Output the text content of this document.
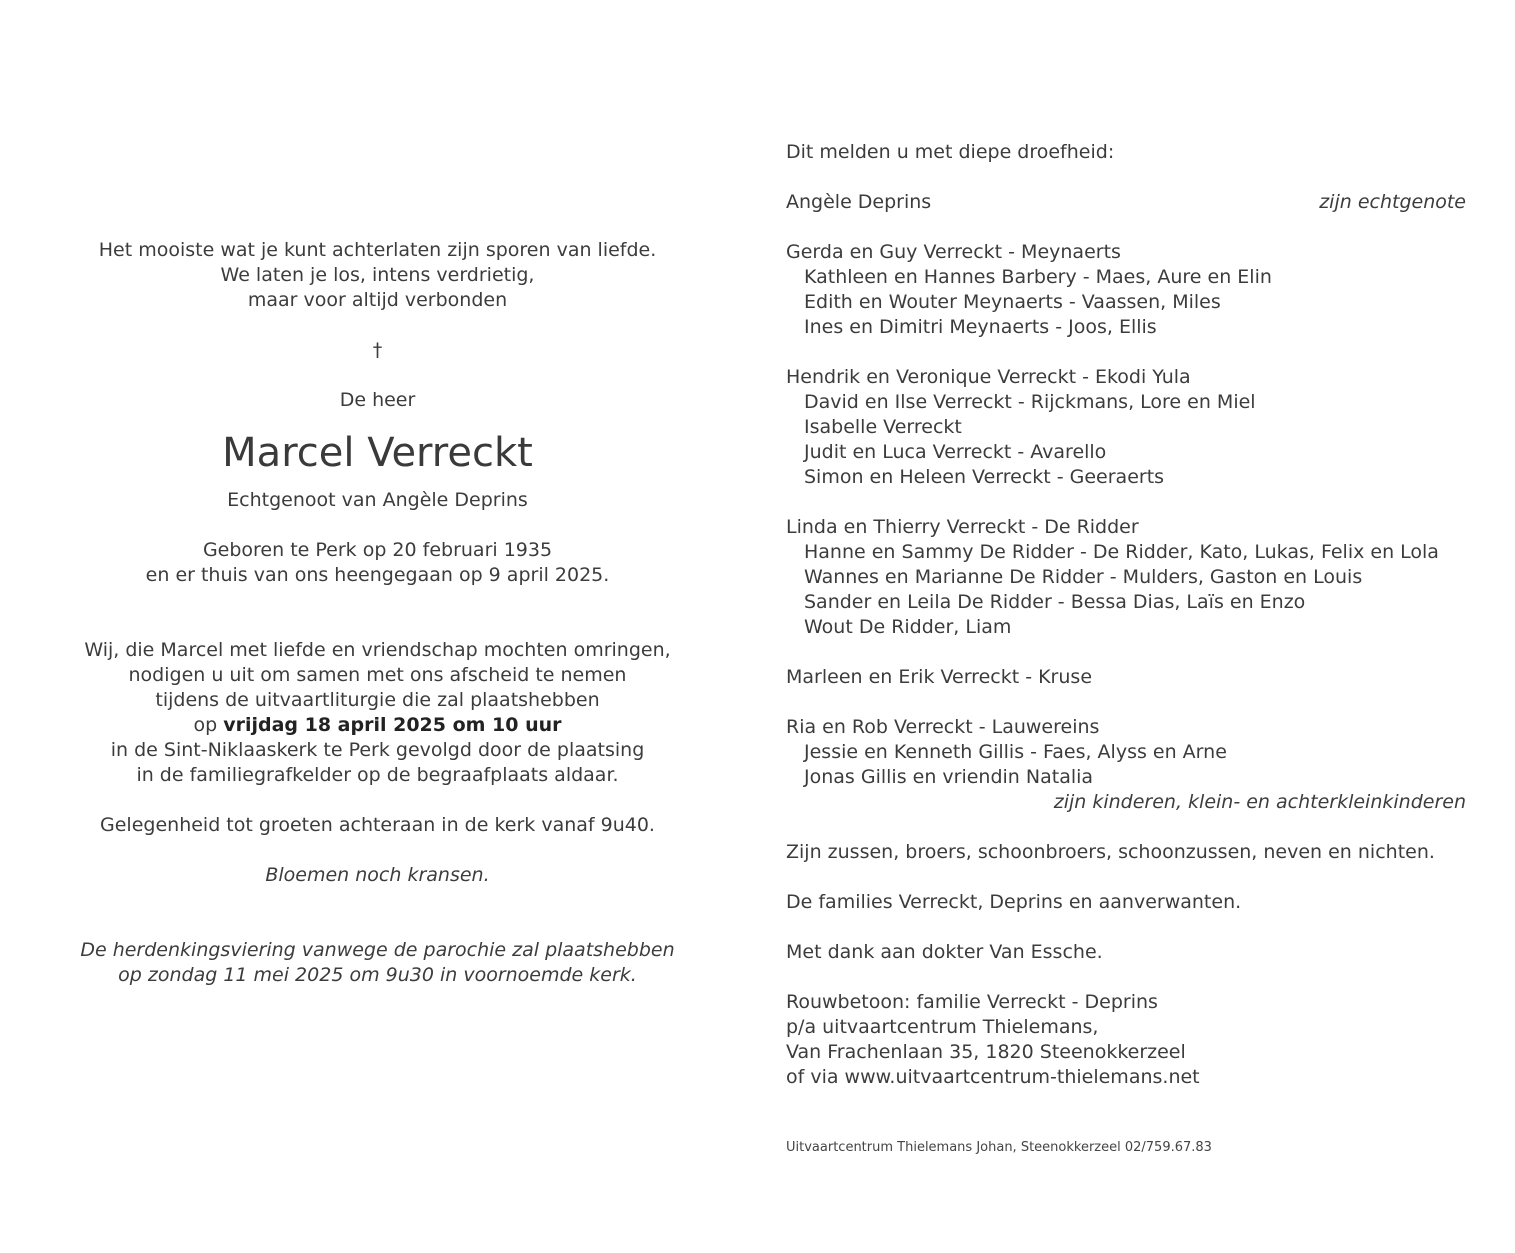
Het mooiste wat je kunt achterlaten zijn sporen van liefde.
We laten je los, intens verdrietig,
maar voor altijd verbonden
†
De heer
Marcel Verreckt
Echtgenoot van Angèle Deprins
Geboren te Perk op 20 februari 1935
en er thuis van ons heengegaan op 9 april 2025.
Wij, die Marcel met liefde en vriendschap mochten omringen,
nodigen u uit om samen met ons afscheid te nemen
tijdens de uitvaartliturgie die zal plaatshebben
op vrijdag 18 april 2025 om 10 uur
in de Sint-Niklaaskerk te Perk gevolgd door de plaatsing
in de familiegrafkelder op de begraafplaats aldaar.
Gelegenheid tot groeten achteraan in de kerk vanaf 9u40.
Bloemen noch kransen.
De herdenkingsviering vanwege de parochie zal plaatshebben
op zondag 11 mei 2025 om 9u30 in voornoemde kerk.
Dit melden u met diepe droefheid:
Angèle Deprins	zijn echtgenote
Gerda en Guy Verreckt - Meynaerts
Kathleen en Hannes Barbery - Maes, Aure en Elin
Edith en Wouter Meynaerts - Vaassen, Miles
Ines en Dimitri Meynaerts - Joos, Ellis
Hendrik en Veronique Verreckt - Ekodi Yula
David en Ilse Verreckt - Rijckmans, Lore en Miel
Isabelle Verreckt
Judit en Luca Verreckt - Avarello
Simon en Heleen Verreckt - Geeraerts
Linda en Thierry Verreckt - De Ridder
Hanne en Sammy De Ridder - De Ridder, Kato, Lukas, Felix en Lola
Wannes en Marianne De Ridder - Mulders, Gaston en Louis
Sander en Leila De Ridder - Bessa Dias, Laïs en Enzo
Wout De Ridder, Liam
Marleen en Erik Verreckt - Kruse
Ria en Rob Verreckt - Lauwereins
Jessie en Kenneth Gillis - Faes, Alyss en Arne
Jonas Gillis en vriendin Natalia
zijn kinderen, klein- en achterkleinkinderen
Zijn zussen, broers, schoonbroers, schoonzussen, neven en nichten.
De families Verreckt, Deprins en aanverwanten.
Met dank aan dokter Van Essche.
Rouwbetoon: familie Verreckt - Deprins
p/a uitvaartcentrum Thielemans,
Van Frachenlaan 35, 1820 Steenokkerzeel
of via www.uitvaartcentrum-thielemans.net
Uitvaartcentrum Thielemans Johan, Steenokkerzeel 02/759.67.83
